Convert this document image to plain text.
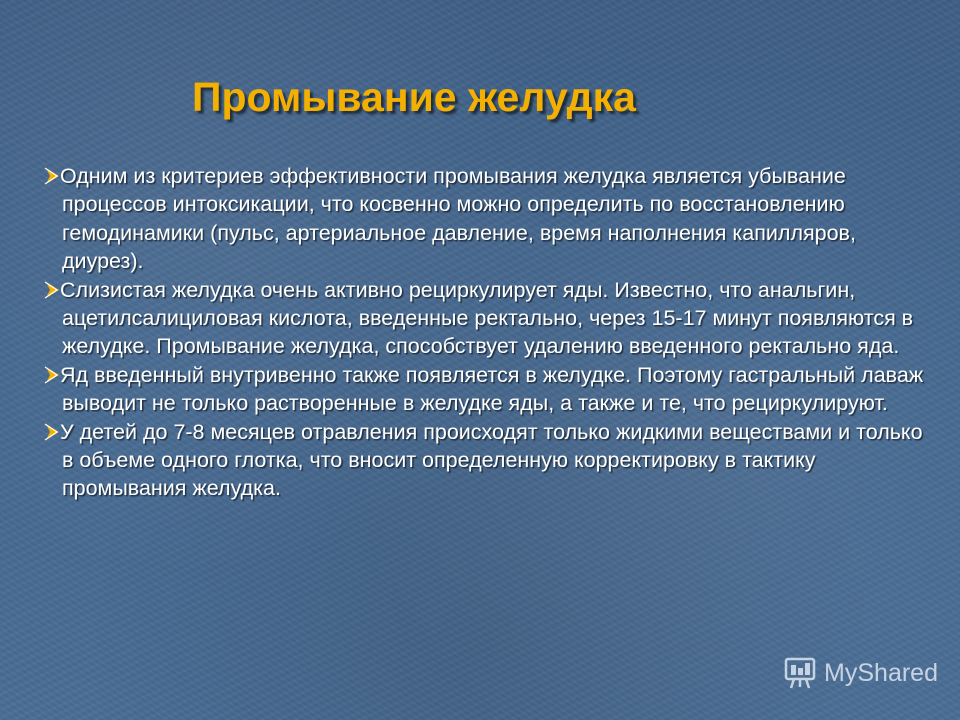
Промывание желудка

Одним из критериев эффективности промывания желудка является убывание процессов интоксикации, что косвенно можно определить по восстановлению гемодинамики (пульс, артериальное давление, время наполнения капилляров, диурез).

Слизистая желудка очень активно рециркулирует яды. Известно, что анальгин, ацетилсалициловая кислота, введенные ректально, через 15-17 минут появляются в желудке. Промывание желудка, способствует удалению введенного ректально яда.

Яд введенный внутривенно также появляется в желудке. Поэтому гастральный лаваж выводит не только растворенные в желудке яды, а также и те, что рециркулируют.

У детей до 7-8 месяцев отравления происходят только жидкими веществами и только в объеме одного глотка, что вносит определенную корректировку в тактику промывания желудка.

MyShared
